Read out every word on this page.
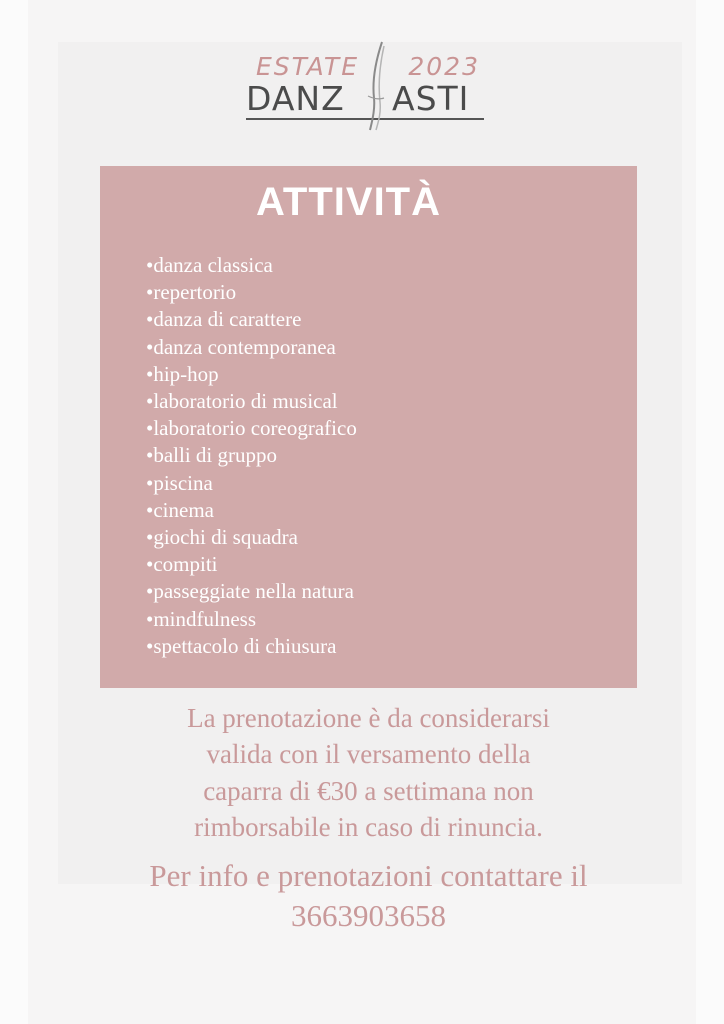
ESTATE 2023
DANZ ASTI
ATTIVITÀ
•danza classica
•repertorio
•danza di carattere
•danza contemporanea
•hip-hop
•laboratorio di musical
•laboratorio coreografico
•balli di gruppo
•piscina
•cinema
•giochi di squadra
•compiti
•passeggiate nella natura
•mindfulness
•spettacolo di chiusura

La prenotazione è da considerarsi valida con il versamento della caparra di €30 a settimana non rimborsabile in caso di rinuncia.

Per info e prenotazioni contattare il 3663903658
